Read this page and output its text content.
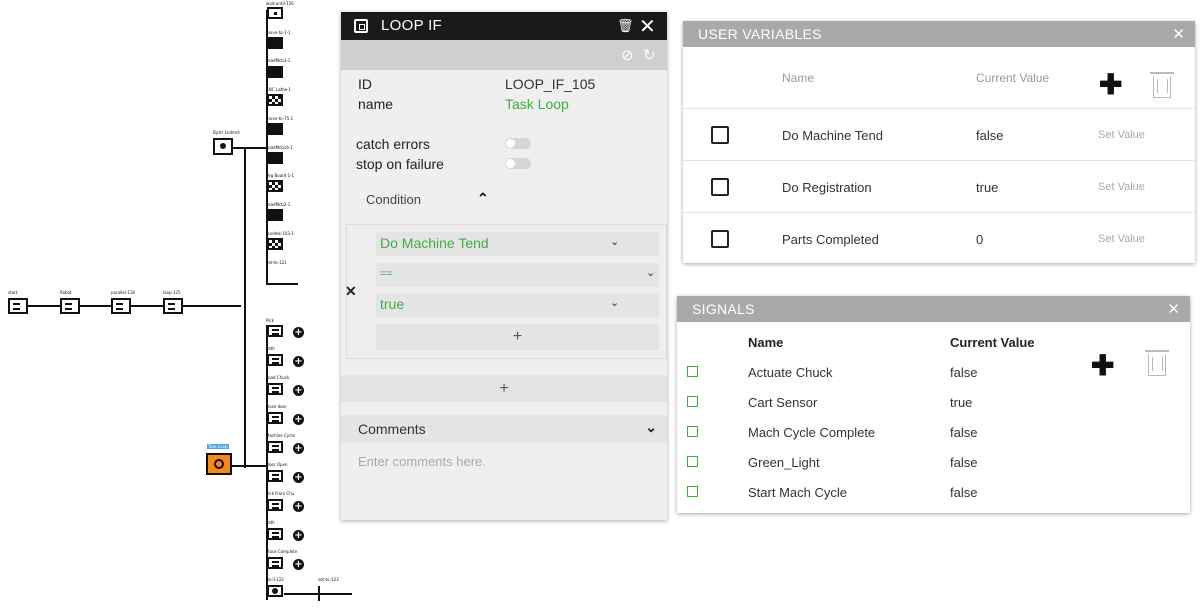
start	Robot	parallel-118	loop-125
Bystr Lndmrk
Task Loop
wait-until-126
move-to-1-1
LoadMcb3-1
CNC Lathe-1
move-to-75-1
LoadMcb16-1
Peg Board 1-1
LoadMcb2-1
landmk-103-1
set-to-121
Pick
+
Path
+
Load Chuck
+
close door
+
Machine Cycle
+
Door Open
+
Pick From Chu
+
Path
+
Place Complete
+
do-il-122	set-to-123
LOOP IF	🗑 ✕
⊘ ↻
ID	LOOP_IF_105
name	Task Loop
catch errors
stop on failure
Condition	⌃
✕
Do Machine Tend	⌄
==	⌄
true	⌄
+
+
Comments	⌄
Enter comments here.
USER VARIABLES	✕
Name	Current Value ✚
Do Machine Tend	false	Set Value
Do Registration	true	Set Value
Parts Completed	0	Set Value
SIGNALS	✕
Name	Current Value
✚
Actuate Chuck	false
Cart Sensor	true
Mach Cycle Complete	false
Green_Light	false
Start Mach Cycle	false
